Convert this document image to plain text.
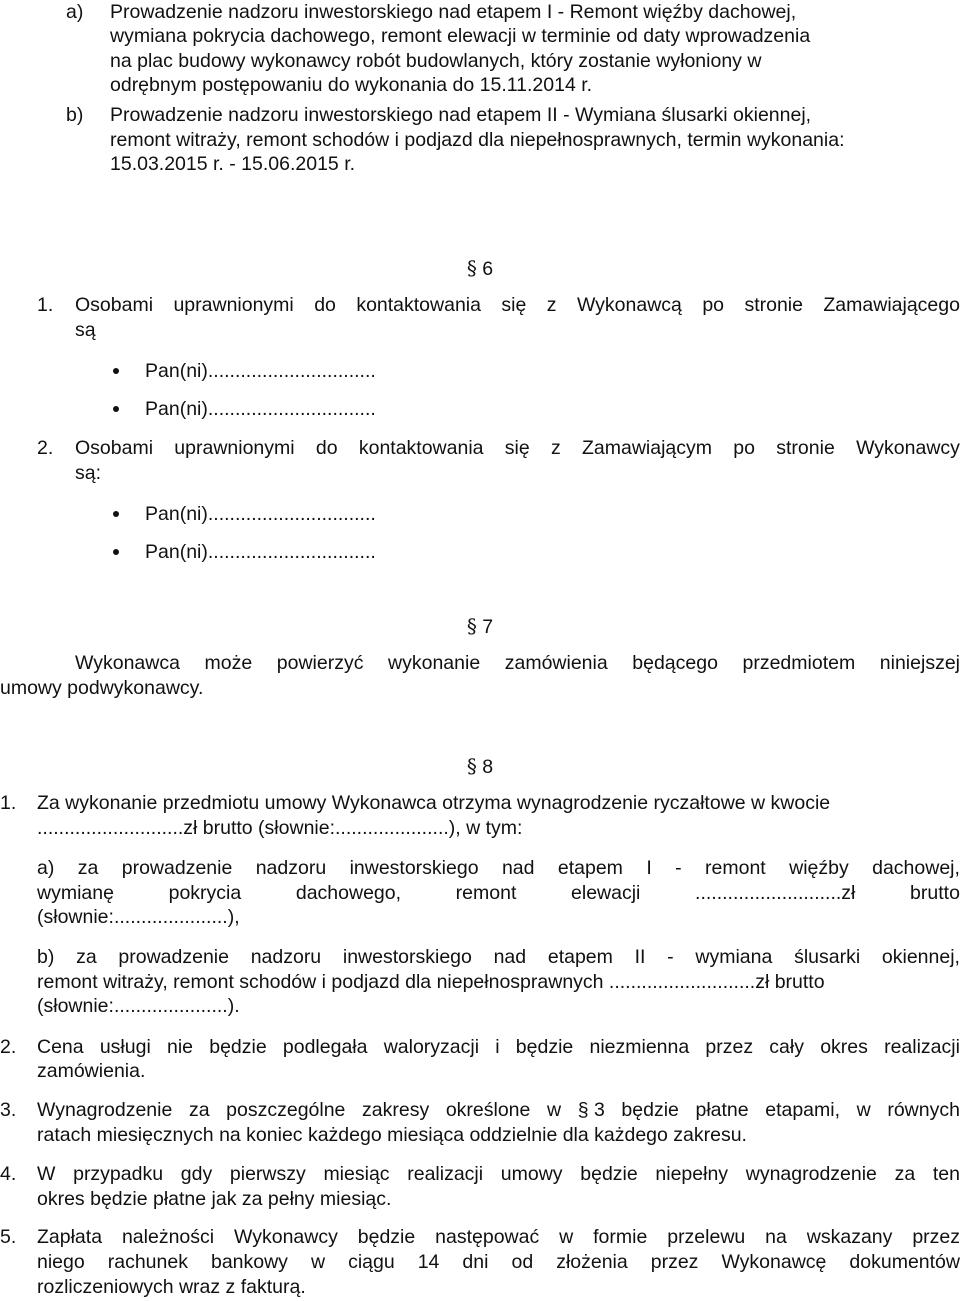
a) Prowadzenie nadzoru inwestorskiego nad etapem I - Remont więźby dachowej,
wymiana pokrycia dachowego, remont elewacji w terminie od daty wprowadzenia
na plac budowy wykonawcy robót budowlanych, który zostanie wyłoniony w
odrębnym postępowaniu do wykonania do 15.11.2014 r.
b) Prowadzenie nadzoru inwestorskiego nad etapem II - Wymiana ślusarki okiennej,
remont witraży, remont schodów i podjazd dla niepełnosprawnych, termin wykonania:
15.03.2015 r. - 15.06.2015 r.
§ 6
1. Osobami uprawnionymi do kontaktowania się z Wykonawcą po stronie Zamawiającego
są
Pan(ni)...............................
Pan(ni)...............................
2. Osobami uprawnionymi do kontaktowania się z Zamawiającym po stronie Wykonawcy
są:
Pan(ni)...............................
Pan(ni)...............................
§ 7
Wykonawca może powierzyć wykonanie zamówienia będącego przedmiotem niniejszej
umowy podwykonawcy.
§ 8
1. Za wykonanie przedmiotu umowy Wykonawca otrzyma wynagrodzenie ryczałtowe w kwocie
...........................zł brutto (słownie:.....................), w tym:
a) za prowadzenie nadzoru inwestorskiego nad etapem I - remont więźby dachowej,
wymianę	pokrycia	dachowego,	remont	elewacji	...........................zł	brutto
(słownie:.....................),
b) za prowadzenie nadzoru inwestorskiego nad etapem II - wymiana ślusarki okiennej,
remont witraży, remont schodów i podjazd dla niepełnosprawnych ...........................zł brutto
(słownie:.....................).
2. Cena usługi nie będzie podlegała waloryzacji i będzie niezmienna przez cały okres realizacji
zamówienia.
3. Wynagrodzenie za poszczególne zakresy określone w § 3 będzie płatne etapami, w równych
ratach miesięcznych na koniec każdego miesiąca oddzielnie dla każdego zakresu.
4. W przypadku gdy pierwszy miesiąc realizacji umowy będzie niepełny wynagrodzenie za ten
okres będzie płatne jak za pełny miesiąc.
5. Zapłata należności Wykonawcy będzie następować w formie przelewu na wskazany przez
niego rachunek bankowy w ciągu 14 dni od złożenia przez Wykonawcę dokumentów
rozliczeniowych wraz z fakturą.
